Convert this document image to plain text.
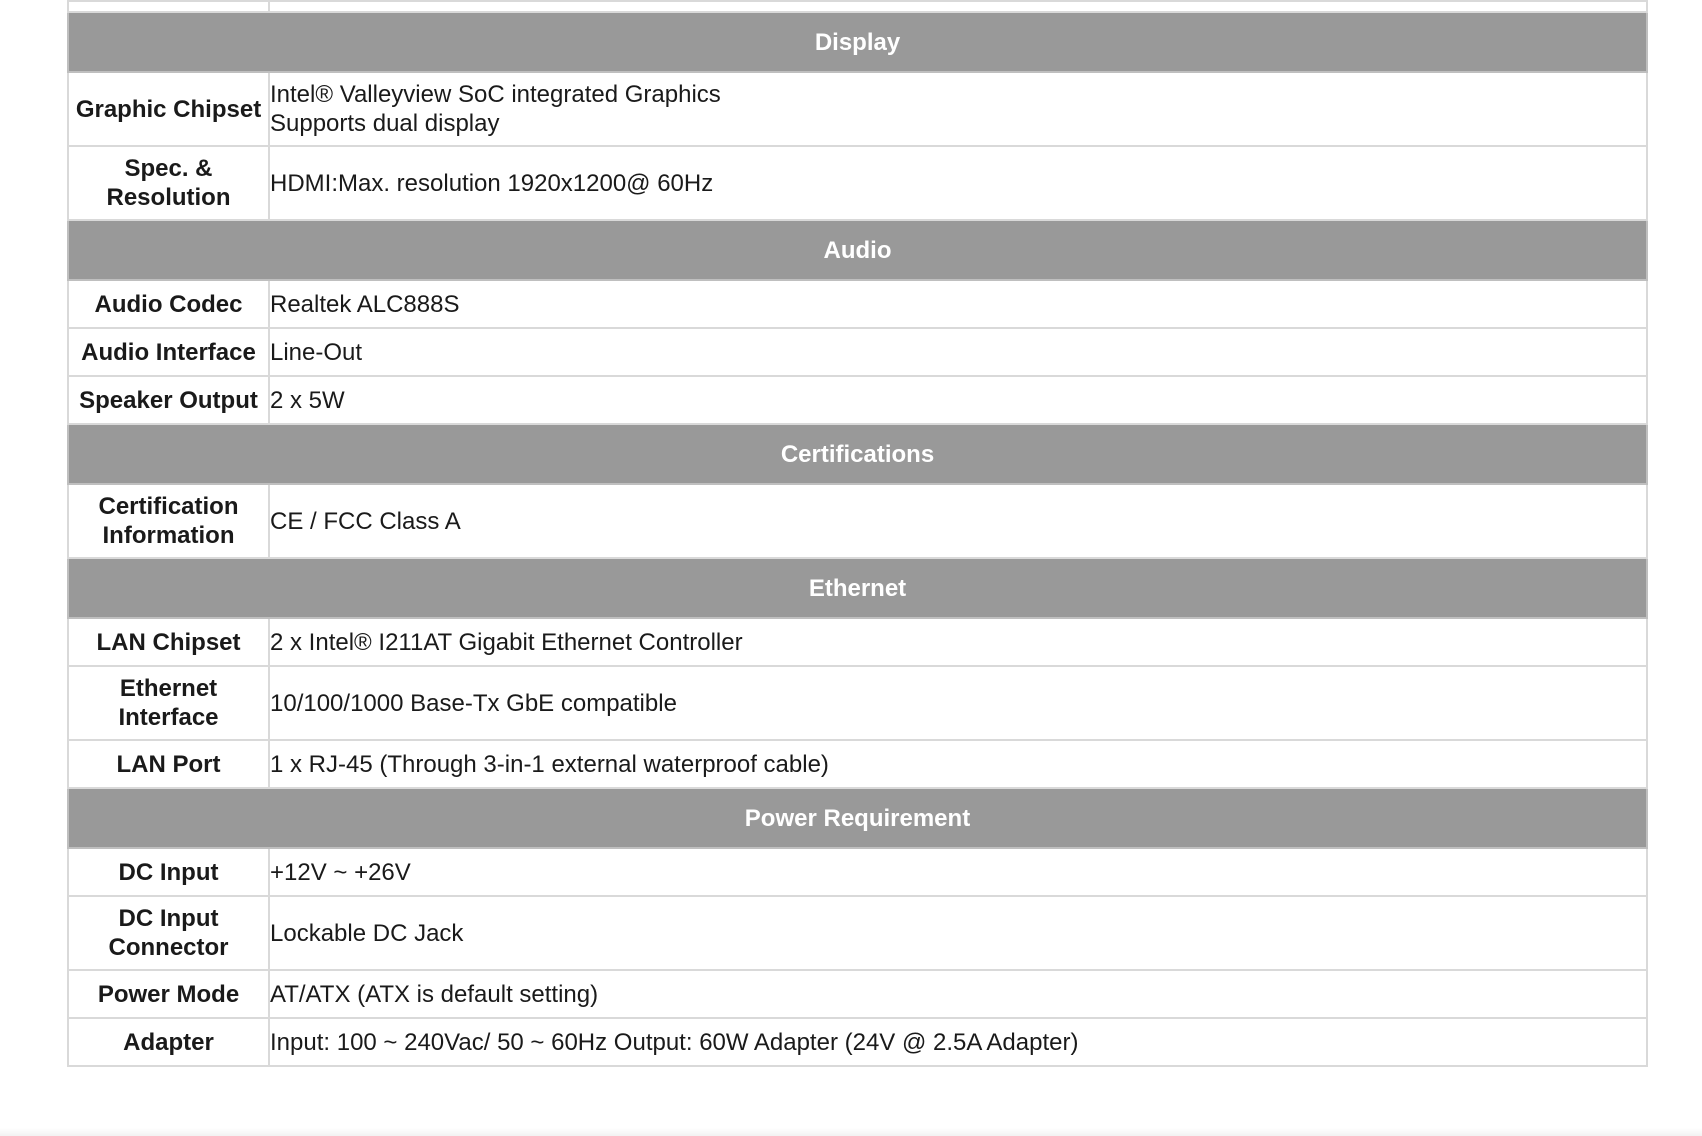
Display	
Graphic Chipset	Intel® Valleyview SoC integrated Graphics
Supports dual display

Spec. & Resolution	HDMI:Max. resolution 1920x1200@ 60Hz
Audio	
Audio Codec	Realtek ALC888S
Audio Interface	Line-Out
Speaker Output	2 x 5W
Certifications	
Certification Information	CE / FCC Class A
Ethernet	
LAN Chipset	2 x Intel® I211AT Gigabit Ethernet Controller
Ethernet Interface	10/100/1000 Base-Tx GbE compatible
LAN Port	1 x RJ-45 (Through 3-in-1 external waterproof cable)
Power Requirement	
DC Input	+12V ~ +26V
DC Input Connector	Lockable DC Jack
Power Mode	AT/ATX (ATX is default setting)
Adapter	Input: 100 ~ 240Vac/ 50 ~ 60Hz Output: 60W Adapter (24V @ 2.5A Adapter)
